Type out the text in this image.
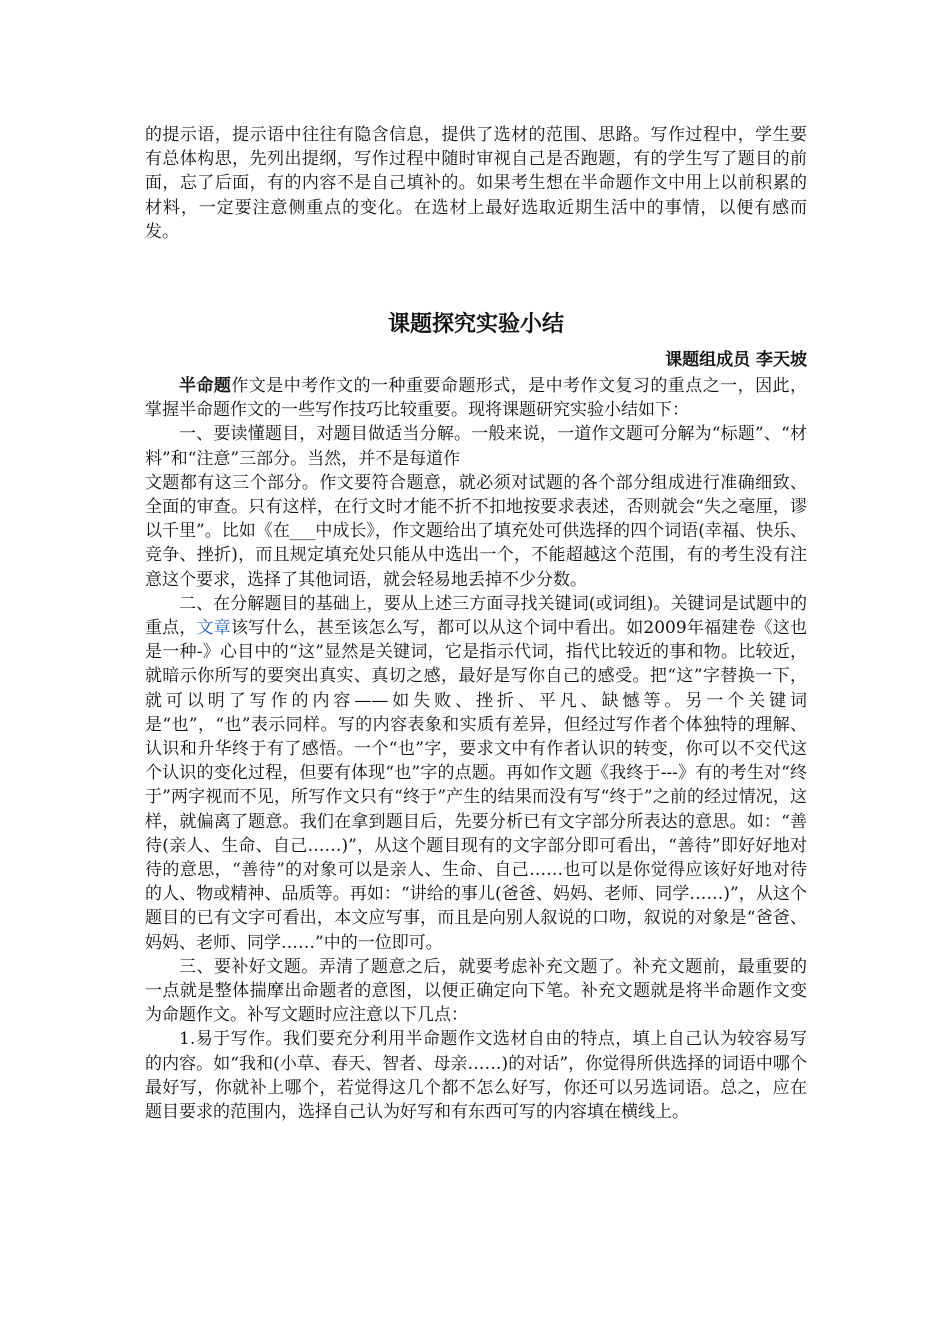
的提示语，提示语中往往有隐含信息，提供了选材的范围、思路。写作过程中，学生要有总体构思，先列出提纲，写作过程中随时审视自己是否跑题，有的学生写了题目的前面，忘了后面，有的内容不是自己填补的。如果考生想在半命题作文中用上以前积累的材料，一定要注意侧重点的变化。在选材上最好选取近期生活中的事情，以便有感而发。

课题探究实验小结

课题组成员 李天坡

半命题作文是中考作文的一种重要命题形式，是中考作文复习的重点之一，因此，掌握半命题作文的一些写作技巧比较重要。现将课题研究实验小结如下：

一、要读懂题目，对题目做适当分解。一般来说，一道作文题可分解为“标题”、“材料”和“注意”三部分。当然，并不是每道作

文题都有这三个部分。作文要符合题意，就必须对试题的各个部分组成进行准确细致、全面的审查。只有这样，在行文时才能不折不扣地按要求表述，否则就会“失之毫厘，谬以千里”。比如《在___中成长》，作文题给出了填充处可供选择的四个词语(幸福、快乐、竞争、挫折)，而且规定填充处只能从中选出一个，不能超越这个范围，有的考生没有注意这个要求，选择了其他词语，就会轻易地丢掉不少分数。

二、在分解题目的基础上，要从上述三方面寻找关键词(或词组)。关键词是试题中的重点，文章该写什么，甚至该怎么写，都可以从这个词中看出。如2009年福建卷《这也是一种-》心目中的“这”显然是关键词，它是指示代词，指代比较近的事和物。比较近，就暗示你所写的要突出真实、真切之感，最好是写你自己的感受。把“这”字替换一下，就可以明了写作的内容——如失败、挫折、平凡、缺憾等。另一个关键词是“也”，“也”表示同样。写的内容表象和实质有差异，但经过写作者个体独特的理解、认识和升华终于有了感悟。一个“也”字，要求文中有作者认识的转变，你可以不交代这个认识的变化过程，但要有体现“也”字的点题。再如作文题《我终于---》有的考生对“终于”两字视而不见，所写作文只有“终于”产生的结果而没有写“终于”之前的经过情况，这样，就偏离了题意。我们在拿到题目后，先要分析已有文字部分所表达的意思。如：“善待(亲人、生命、自己……)”，从这个题目现有的文字部分即可看出，“善待”即好好地对待的意思，“善待”的对象可以是亲人、生命、自己……也可以是你觉得应该好好地对待的人、物或精神、品质等。再如：“讲给的事儿(爸爸、妈妈、老师、同学……)”，从这个题目的已有文字可看出，本文应写事，而且是向别人叙说的口吻，叙说的对象是“爸爸、妈妈、老师、同学……”中的一位即可。

三、要补好文题。弄清了题意之后，就要考虑补充文题了。补充文题前，最重要的一点就是整体揣摩出命题者的意图，以便正确定向下笔。补充文题就是将半命题作文变为命题作文。补写文题时应注意以下几点：

1.易于写作。我们要充分利用半命题作文选材自由的特点，填上自己认为较容易写的内容。如“我和(小草、春天、智者、母亲……)的对话”，你觉得所供选择的词语中哪个最好写，你就补上哪个，若觉得这几个都不怎么好写，你还可以另选词语。总之，应在题目要求的范围内，选择自己认为好写和有东西可写的内容填在横线上。
